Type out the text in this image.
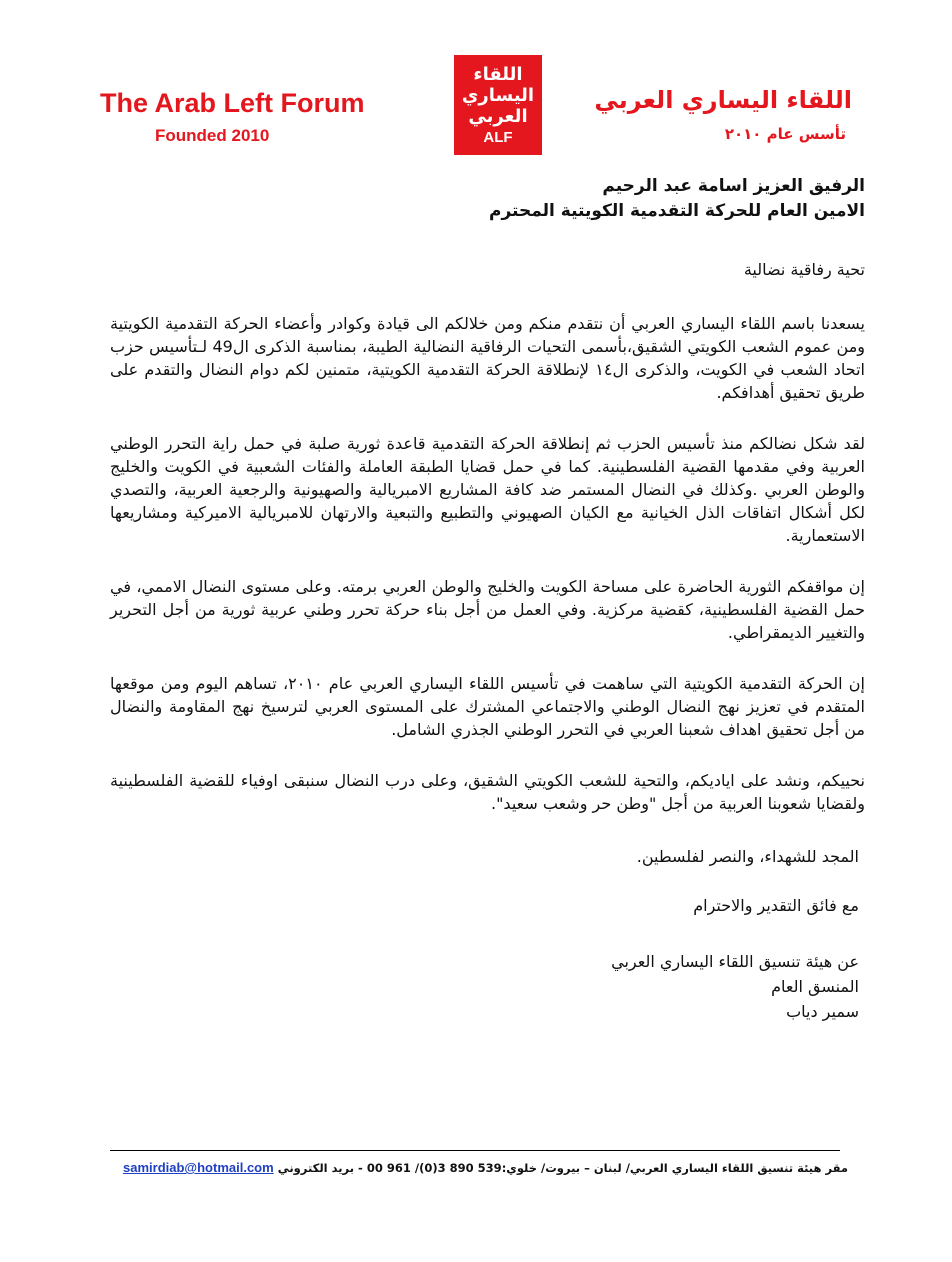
The Arab Left Forum
Founded 2010
اللقاء
اليساري
العربي
ALF
اللقاء اليساري العربي
تأسس عام ٢٠١٠
الرفيق العزيز اسامة عبد الرحيم
الامين العام للحركة التقدمية الكويتية المحترم
تحية رفاقية نضالية

يسعدنا باسم اللقاء اليساري العربي أن نتقدم منكم ومن خلالكم الى قيادة وكوادر وأعضاء الحركة التقدمية الكويتية ومن عموم الشعب الكويتي الشقيق،بأسمى التحيات الرفاقية النضالية الطيبة، بمناسبة الذكرى ال49 لـتأسيس حزب اتحاد الشعب في الكويت، والذكرى ال١٤ لإنطلاقة الحركة التقدمية الكويتية، متمنين لكم دوام النضال والتقدم على طريق تحقيق أهدافكم.

لقد شكل نضالكم منذ تأسيس الحزب ثم إنطلاقة الحركة التقدمية قاعدة ثورية صلبة في حمل راية التحرر الوطني العربية وفي مقدمها القضية الفلسطينية. كما في حمل قضايا الطبقة العاملة والفئات الشعبية في الكويت والخليج والوطن العربي .وكذلك في النضال المستمر ضد كافة المشاريع الامبريالية والصهيونية والرجعية العربية، والتصدي لكل أشكال اتفاقات الذل الخيانية مع الكيان الصهيوني والتطبيع والتبعية والارتهان للامبريالية الاميركية ومشاريعها الاستعمارية.

إن مواقفكم الثورية الحاضرة على مساحة الكويت والخليج والوطن العربي برمته. وعلى مستوى النضال الاممي، في حمل القضية الفلسطينية، كقضية مركزية. وفي العمل من أجل بناء حركة تحرر وطني عربية ثورية من أجل التحرير والتغيير الديمقراطي.

إن الحركة التقدمية الكويتية التي ساهمت في تأسيس اللقاء اليساري العربي عام ٢٠١٠، تساهم اليوم ومن موقعها المتقدم في تعزيز نهج النضال الوطني والاجتماعي المشترك على المستوى العربي لترسيخ نهج المقاومة والنضال من أجل تحقيق اهداف شعبنا العربي في التحرر الوطني الجذري الشامل.

نحييكم، ونشد على اياديكم، والتحية للشعب الكويتي الشقيق، وعلى درب النضال سنبقى اوفياء للقضية الفلسطينية ولقضايا شعوبنا العربية من أجل "وطن حر وشعب سعيد".

المجد للشهداء، والنصر لفلسطين.
مع فائق التقدير والاحترام
عن هيئة تنسيق اللقاء اليساري العربي
المنسق العام
سمير دياب
مقر هيئة تنسيق اللقاء اليساري العربي/ لبنان – بيروت/ خلوي:539 890 3(0)/ 961 00 - بريد الكتروني samirdiab@hotmail.com
